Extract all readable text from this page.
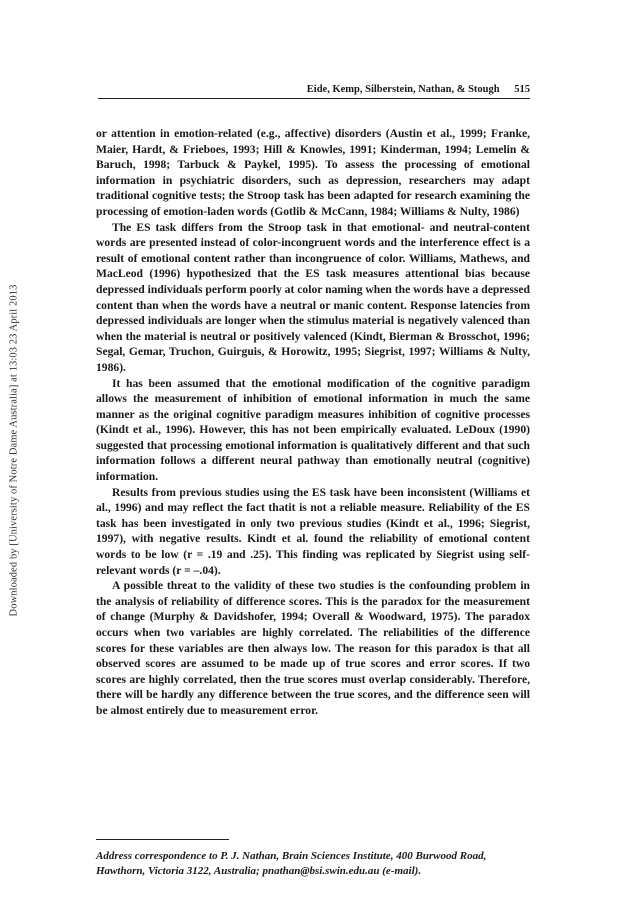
Downloaded by [University of Notre Dame Australia] at 13:03 23 April 2013
Eide, Kemp, Silberstein, Nathan, & Stough 515

or attention in emotion-related (e.g., affective) disorders (Austin et al., 1999; Franke, Maier, Hardt, & Frieboes, 1993; Hill & Knowles, 1991; Kinderman, 1994; Lemelin & Baruch, 1998; Tarbuck & Paykel, 1995). To assess the processing of emotional information in psychiatric disorders, such as depression, researchers may adapt traditional cognitive tests; the Stroop task has been adapted for research examining the processing of emotion-laden words (Gotlib & McCann, 1984; Williams & Nulty, 1986)

The ES task differs from the Stroop task in that emotional- and neutral-content words are presented instead of color-incongruent words and the interference effect is a result of emotional content rather than incongruence of color. Williams, Mathews, and MacLeod (1996) hypothesized that the ES task measures attentional bias because depressed individuals perform poorly at color naming when the words have a depressed content than when the words have a neutral or manic content. Response latencies from depressed individuals are longer when the stimulus material is negatively valenced than when the material is neutral or positively valenced (Kindt, Bierman & Brosschot, 1996; Segal, Gemar, Truchon, Guirguis, & Horowitz, 1995; Siegrist, 1997; Williams & Nulty, 1986).

It has been assumed that the emotional modification of the cognitive paradigm allows the measurement of inhibition of emotional information in much the same manner as the original cognitive paradigm measures inhibition of cognitive processes (Kindt et al., 1996). However, this has not been empirically evaluated. LeDoux (1990) suggested that processing emotional information is qualitatively different and that such information follows a different neural pathway than emotionally neutral (cognitive) information.

Results from previous studies using the ES task have been inconsistent (Williams et al., 1996) and may reflect the fact thatit is not a reliable measure. Reliability of the ES task has been investigated in only two previous studies (Kindt et al., 1996; Siegrist, 1997), with negative results. Kindt et al. found the reliability of emotional content words to be low (r = .19 and .25). This finding was replicated by Siegrist using self-relevant words (r = –.04).

A possible threat to the validity of these two studies is the confounding problem in the analysis of reliability of difference scores. This is the paradox for the measurement of change (Murphy & Davidshofer, 1994; Overall & Woodward, 1975). The paradox occurs when two variables are highly correlated. The reliabilities of the difference scores for these variables are then always low. The reason for this paradox is that all observed scores are assumed to be made up of true scores and error scores. If two scores are highly correlated, then the true scores must overlap considerably. Therefore, there will be hardly any difference between the true scores, and the difference seen will be almost entirely due to measurement error.

Address correspondence to P. J. Nathan, Brain Sciences Institute, 400 Burwood Road, Hawthorn, Victoria 3122, Australia; pnathan@bsi.swin.edu.au (e-mail).
